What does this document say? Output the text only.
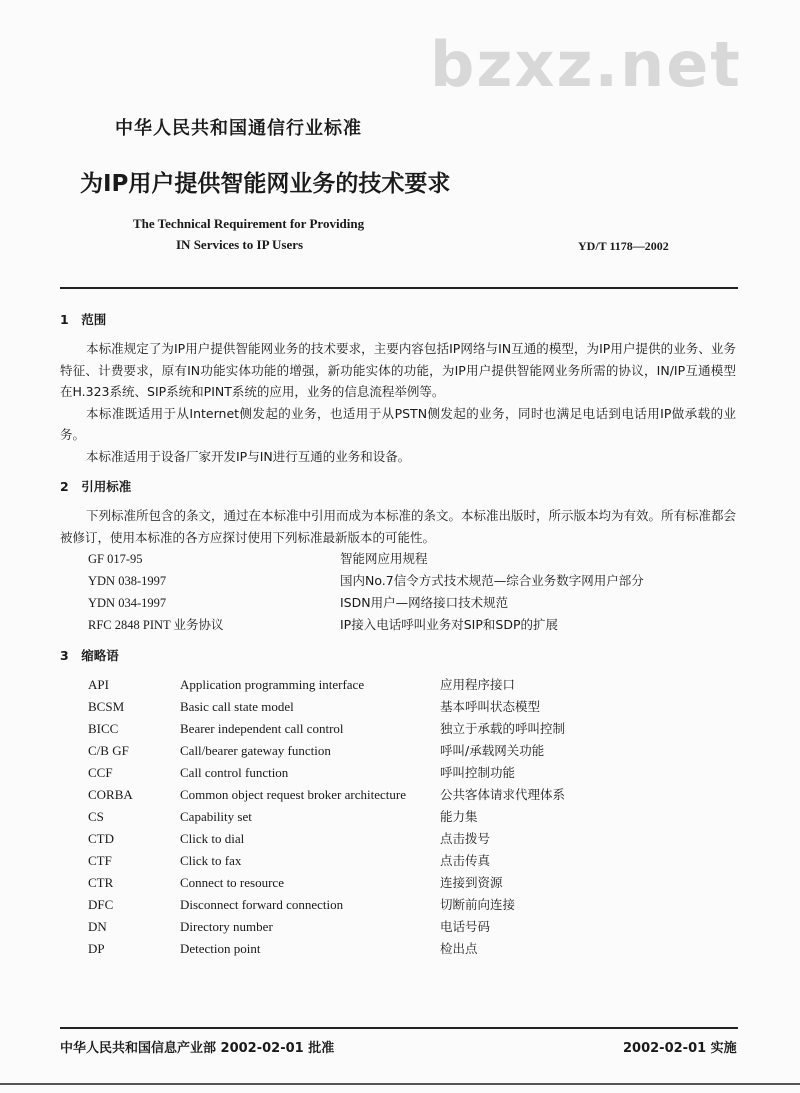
bzxz.net
中华人民共和国通信行业标准
为IP用户提供智能网业务的技术要求
The Technical Requirement for Providing
IN Services to IP Users	YD/T 1178—2002
1　范围

本标准规定了为IP用户提供智能网业务的技术要求，主要内容包括IP网络与IN互通的模型，为IP用户提供的业务、业务特征、计费要求，原有IN功能实体功能的增强，新功能实体的功能，为IP用户提供智能网业务所需的协议，IN/IP互通模型在H.323系统、SIP系统和PINT系统的应用，业务的信息流程举例等。

本标准既适用于从Internet侧发起的业务，也适用于从PSTN侧发起的业务，同时也满足电话到电话用IP做承载的业务。

本标准适用于设备厂家开发IP与IN进行互通的业务和设备。

2　引用标准

下列标准所包含的条文，通过在本标准中引用而成为本标准的条文。本标准出版时，所示版本均为有效。所有标准都会被修订，使用本标准的各方应探讨使用下列标准最新版本的可能性。

GF 017-95	智能网应用规程
YDN 038-1997	国内No.7信令方式技术规范—综合业务数字网用户部分
YDN 034-1997	ISDN用户—网络接口技术规范
RFC 2848 PINT 业务协议	IP接入电话呼叫业务对SIP和SDP的扩展
3　缩略语
API	Application programming interface	应用程序接口
BCSM	Basic call state model	基本呼叫状态模型
BICC	Bearer independent call control	独立于承载的呼叫控制
C/B GF	Call/bearer gateway function	呼叫/承载网关功能
CCF	Call control function	呼叫控制功能
CORBA	Common object request broker architecture	公共客体请求代理体系
CS	Capability set	能力集
CTD	Click to dial	点击拨号
CTF	Click to fax	点击传真
CTR	Connect to resource	连接到资源
DFC	Disconnect forward connection	切断前向连接
DN	Directory number	电话号码
DP	Detection point	检出点
中华人民共和国信息产业部 2002-02-01 批准	2002-02-01 实施
